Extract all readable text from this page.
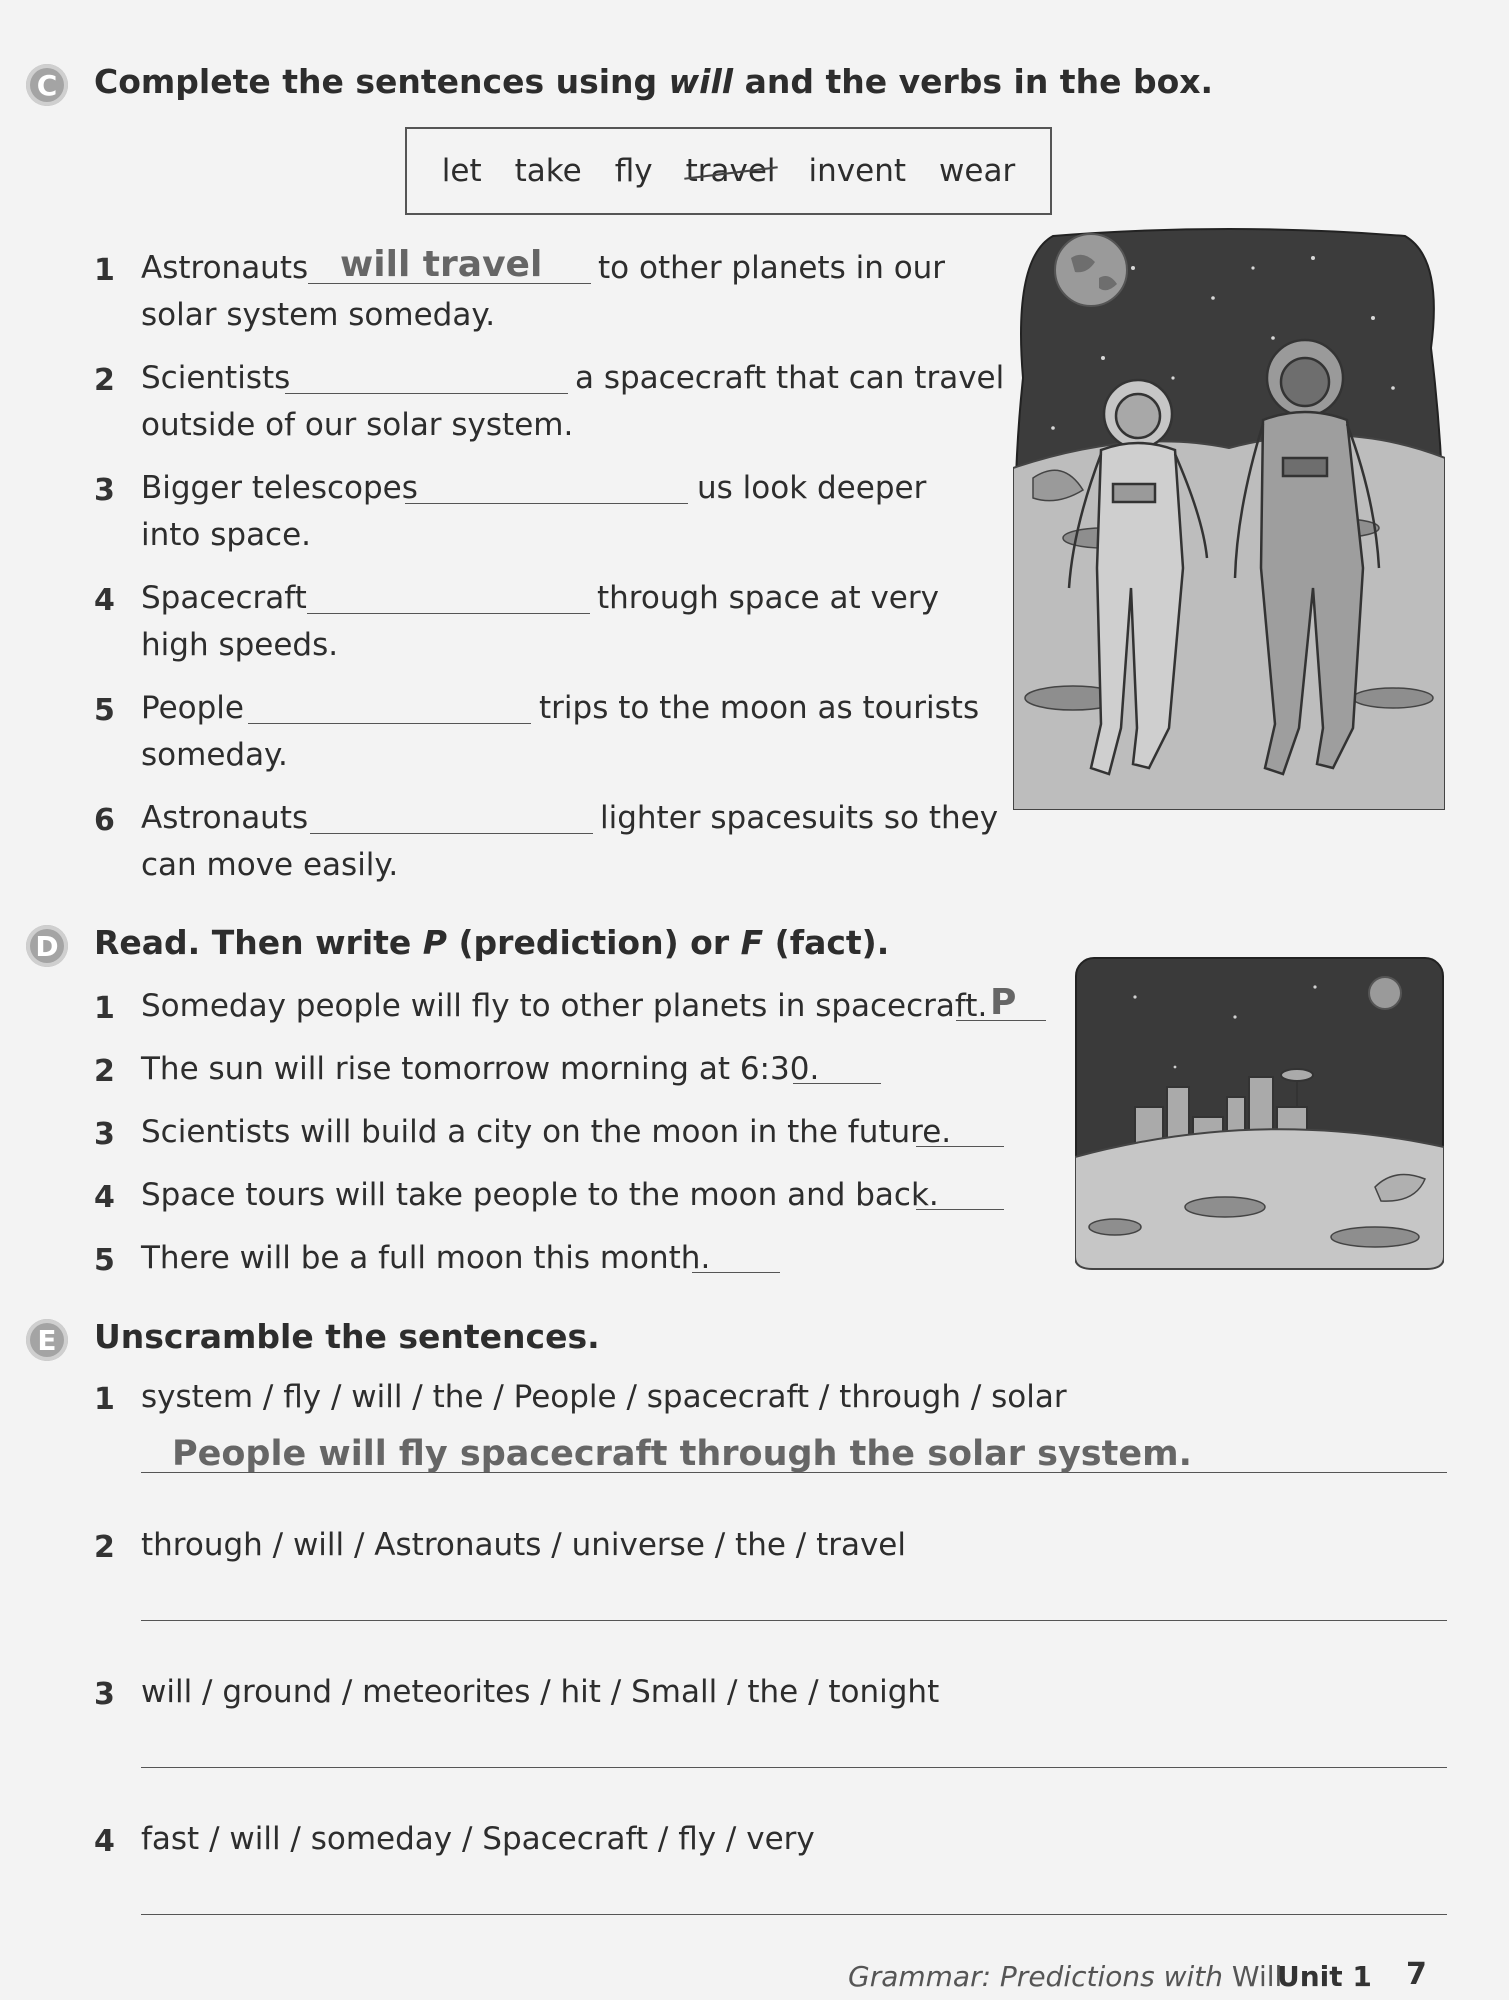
C	Complete the sentences using will and the verbs in the box.
let take fly travel invent wear
1 Astronauts will travel to other planets in our
solar system someday.
2 Scientists	a spacecraft that can travel
outside of our solar system.
3 Bigger telescopes	us look deeper
into space.
4 Spacecraft	through space at very
high speeds.
5 People	trips to the moon as tourists
someday.
6 Astronauts	lighter spacesuits so they
can move easily.
D Read. Then write P (prediction) or F (fact).
1 Someday people will fly to other planets in spacecraft. P
2 The sun will rise tomorrow morning at 6:30.
3 Scientists will build a city on the moon in the future.
4 Space tours will take people to the moon and back.
5 There will be a full moon this month.
E	Unscramble the sentences.
1 system / fly / will / the / People / spacecraft / through / solar
People will fly spacecraft through the solar system.
2 through / will / Astronauts / universe / the / travel
3 will / ground / meteorites / hit / Small / the / tonight
4 fast / will / someday / Spacecraft / fly / very
Grammar: Predictions with Will
Unit 1 7
